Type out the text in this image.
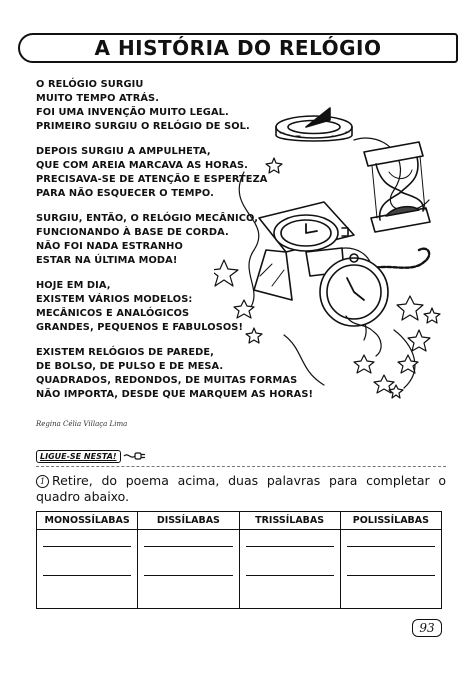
A HISTÓRIA DO RELÓGIO
O RELÓGIO SURGIU
MUITO TEMPO ATRÁS.
FOI UMA INVENÇÃO MUITO LEGAL.
PRIMEIRO SURGIU O RELÓGIO DE SOL.
DEPOIS SURGIU A AMPULHETA,
QUE COM AREIA MARCAVA AS HORAS.
PRECISAVA-SE DE ATENÇÃO E ESPERTEZA
PARA NÃO ESQUECER O TEMPO.
SURGIU, ENTÃO, O RELÓGIO MECÂNICO,
FUNCIONANDO À BASE DE CORDA.
NÃO FOI NADA ESTRANHO
ESTAR NA ÚLTIMA MODA!
HOJE EM DIA,
EXISTEM VÁRIOS MODELOS:
MECÂNICOS E ANALÓGICOS
GRANDES, PEQUENOS E FABULOSOS!
EXISTEM RELÓGIOS DE PAREDE,
DE BOLSO, DE PULSO E DE MESA.
QUADRADOS, REDONDOS, DE MUITAS FORMAS
NÃO IMPORTA, DESDE QUE MARQUEM AS HORAS!
Regina Célia Villaça Lima
LIGUE-SE NESTA!
1 Retire, do poema acima, duas palavras para completar o quadro abaixo.
MONOSSÍLABAS	DISSÍLABAS	TRISSÍLABAS	POLISSÍLABAS
93
